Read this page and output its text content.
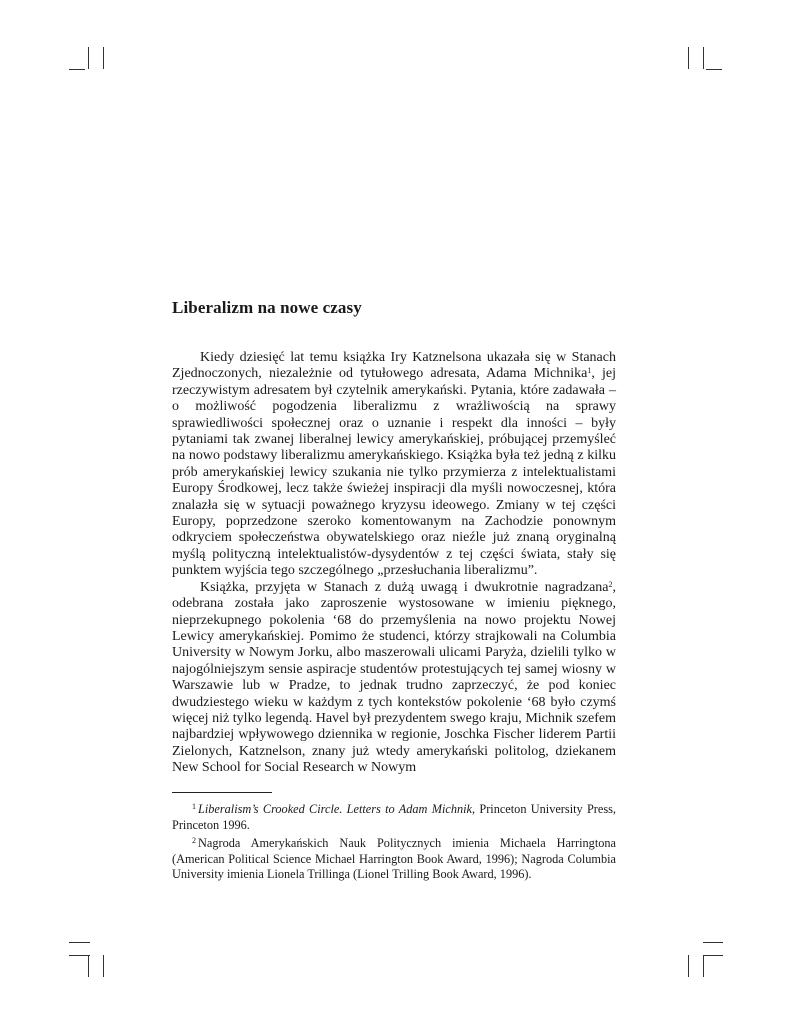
Liberalizm na nowe czasy

Kiedy dziesięć lat temu książka Iry Katznelsona ukazała się w Stanach Zjednoczonych, niezależnie od tytułowego adresata, Adama Michnika$^1$, jej rzeczywistym adresatem był czytelnik amerykański. Pytania, które zadawała – o możliwość pogodzenia liberalizmu z wrażliwością na sprawy sprawiedliwości społecznej oraz o uznanie i respekt dla inności – były pytaniami tak zwanej liberalnej lewicy amerykańskiej, próbującej przemyśleć na nowo podstawy liberalizmu amerykańskiego. Książka była też jedną z kilku prób amerykańskiej lewicy szukania nie tylko przymierza z intelektualistami Europy Środkowej, lecz także świeżej inspiracji dla myśli nowoczesnej, która znalazła się w sytuacji poważnego kryzysu ideowego. Zmiany w tej części Europy, poprzedzone szeroko komentowanym na Zachodzie ponownym odkryciem społeczeństwa obywatelskiego oraz nieźle już znaną oryginalną myślą polityczną intelektualistów-dysydentów z tej części świata, stały się punktem wyjścia tego szczególnego „przesłuchania liberalizmu”.

Książka, przyjęta w Stanach z dużą uwagą i dwukrotnie nagradzana$^2$, odebrana została jako zaproszenie wystosowane w imieniu pięknego, nieprzekupnego pokolenia ‘68 do przemyślenia na nowo projektu Nowej Lewicy amerykańskiej. Pomimo że studenci, którzy strajkowali na Columbia University w Nowym Jorku, albo maszerowali ulicami Paryża, dzielili tylko w najogólniejszym sensie aspiracje studentów protestujących tej samej wiosny w Warszawie lub w Pradze, to jednak trudno zaprzeczyć, że pod koniec dwudziestego wieku w każdym z tych kontekstów pokolenie ‘68 było czymś więcej niż tylko legendą. Havel był prezydentem swego kraju, Michnik szefem najbardziej wpływowego dziennika w regionie, Joschka Fischer liderem Partii Zielonych, Katznelson, znany już wtedy amerykański politolog, dziekanem New School for Social Research w Nowym

$^1$ Liberalism’s Crooked Circle. Letters to Adam Michnik, Princeton University Press, Princeton 1996.

$^2$ Nagroda Amerykańskich Nauk Politycznych imienia Michaela Harringtona (American Political Science Michael Harrington Book Award, 1996); Nagroda Columbia University imienia Lionela Trillinga (Lionel Trilling Book Award, 1996).
